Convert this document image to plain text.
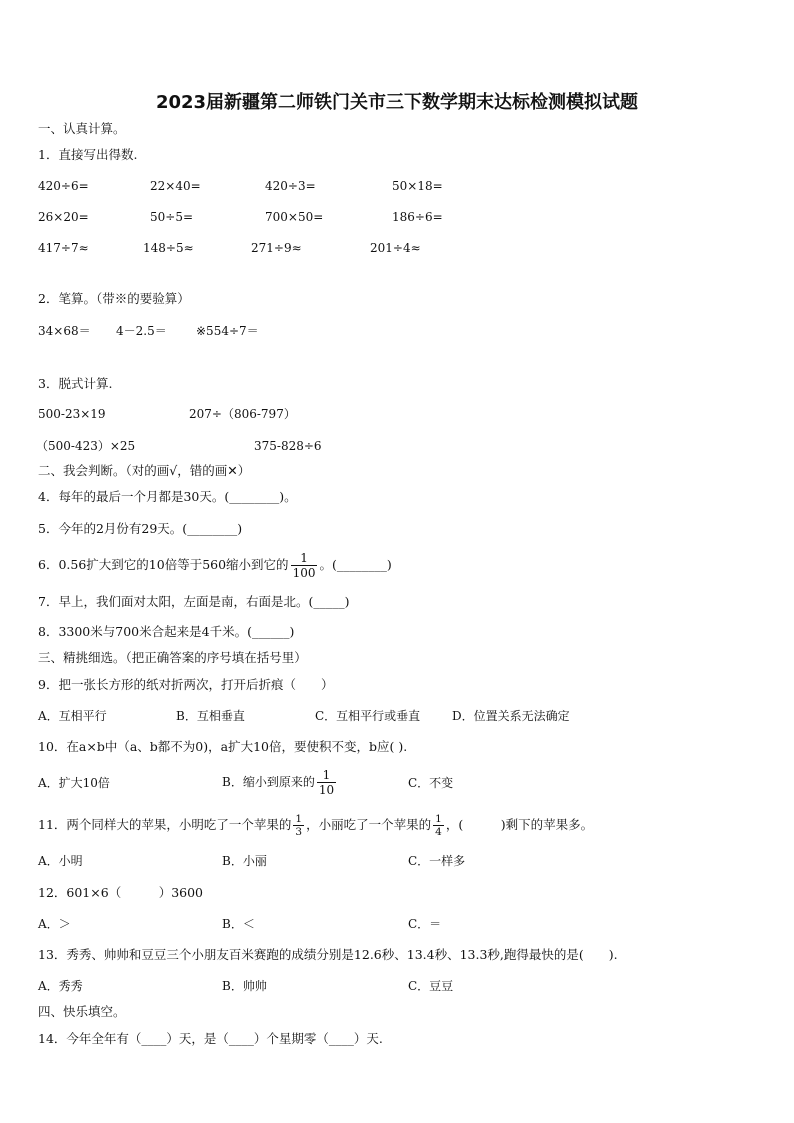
2023届新疆第二师铁门关市三下数学期末达标检测模拟试题
一、认真计算。
1．直接写出得数.
420÷6=	22×40=	420÷3=	50×18=
26×20=	50÷5=	700×50=	186÷6=
417÷7≈	148÷5≈	271÷9≈	201÷4≈
2．笔算。（带※的要验算）
34×68＝ 4－2.5＝ ※554÷7＝
3．脱式计算.
500-23×19	207÷（806-797）
（500-423）×25	375-828÷6
二、我会判断。（对的画√，错的画✕）
4．每年的最后一个月都是30天。(________)。
5．今年的2月份有29天。(________)
6．0.56扩大到它的10倍等于560缩小到它的 $\frac{1}{100}$ 。(________)
7．早上，我们面对太阳，左面是南，右面是北。(_____)
8．3300米与700米合起来是4千米。(______)
三、精挑细选。（把正确答案的序号填在括号里）
9．把一张长方形的纸对折两次，打开后折痕（　　）
A．互相平行	B．互相垂直	C．互相平行或垂直	D．位置关系无法确定
10．在a×b中（a、b都不为0)，a扩大10倍，要使积不变，b应( ).
A．扩大10倍	B．缩小到原来的 $\frac{1}{10}$	C．不变
11．两个同样大的苹果，小明吃了一个苹果的 $\frac{1}{3}$ ，小丽吃了一个苹果的 $\frac{1}{4}$ ，(　　　)剩下的苹果多。
A．小明	B．小丽	C．一样多
12．601×6（　　　）3600
A．＞	B．＜	C．＝
13．秀秀、帅帅和豆豆三个小朋友百米赛跑的成绩分别是12.6秒、13.4秒、13.3秒,跑得最快的是(　　).
A．秀秀	B．帅帅	C．豆豆
四、快乐填空。
14．今年全年有（____）天，是（____）个星期零（____）天.
